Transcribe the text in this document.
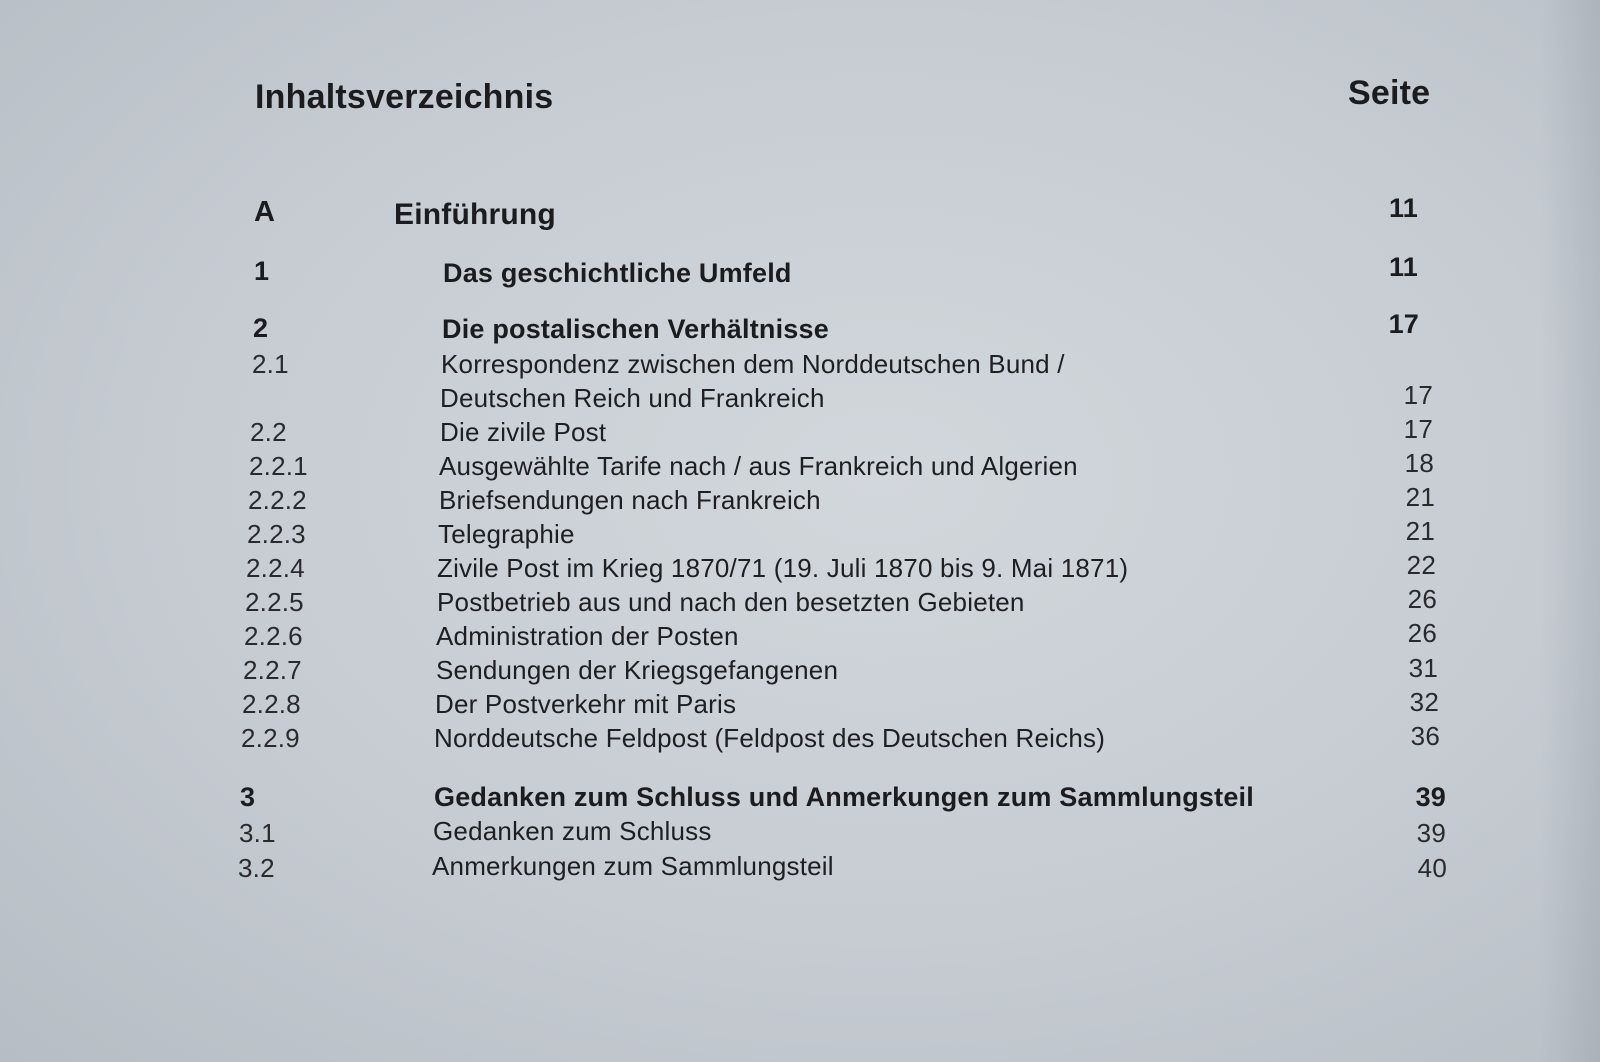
Inhaltsverzeichnis	Seite
A	Einführung	11
1	Das geschichtliche Umfeld	11
2	Die postalischen Verhältnisse	17
2.1	Korrespondenz zwischen dem Norddeutschen Bund /
Deutschen Reich und Frankreich	17
2.2	Die zivile Post	17
2.2.1	Ausgewählte Tarife nach / aus Frankreich und Algerien	18
2.2.2	Briefsendungen nach Frankreich	21
2.2.3	Telegraphie	21
2.2.4	Zivile Post im Krieg 1870/71 (19. Juli 1870 bis 9. Mai 1871)	22
2.2.5	Postbetrieb aus und nach den besetzten Gebieten	26
2.2.6	Administration der Posten	26
2.2.7	Sendungen der Kriegsgefangenen	31
2.2.8	Der Postverkehr mit Paris	32
2.2.9	Norddeutsche Feldpost (Feldpost des Deutschen Reichs)	36
3	Gedanken zum Schluss und Anmerkungen zum Sammlungsteil	39
3.1	Gedanken zum Schluss	39
3.2	Anmerkungen zum Sammlungsteil	40
